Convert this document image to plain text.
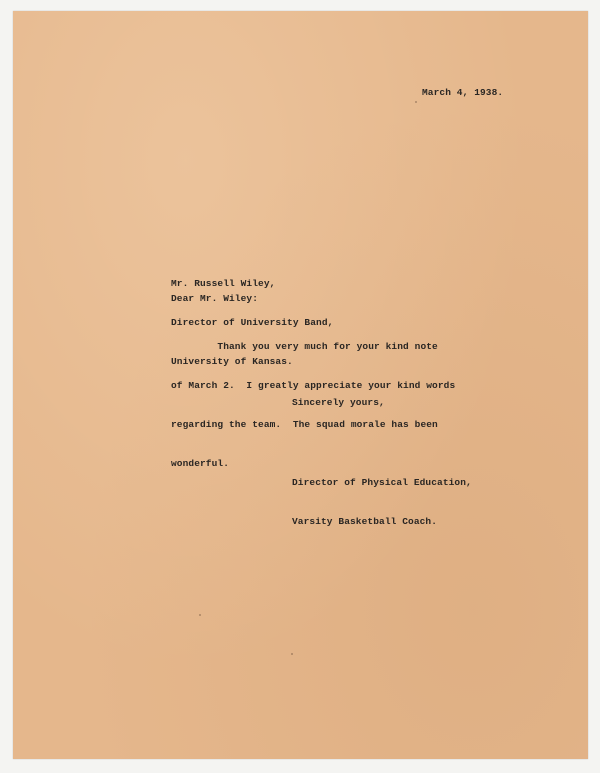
March 4, 1938.

Mr. Russell Wiley,

Director of University Band,

University of Kansas.

Dear Mr. Wiley:

Thank you very much for your kind note

of March 2.  I greatly appreciate your kind words

regarding the team.  The squad morale has been

wonderful.

Sincerely yours,

Director of Physical Education,

Varsity Basketball Coach.
